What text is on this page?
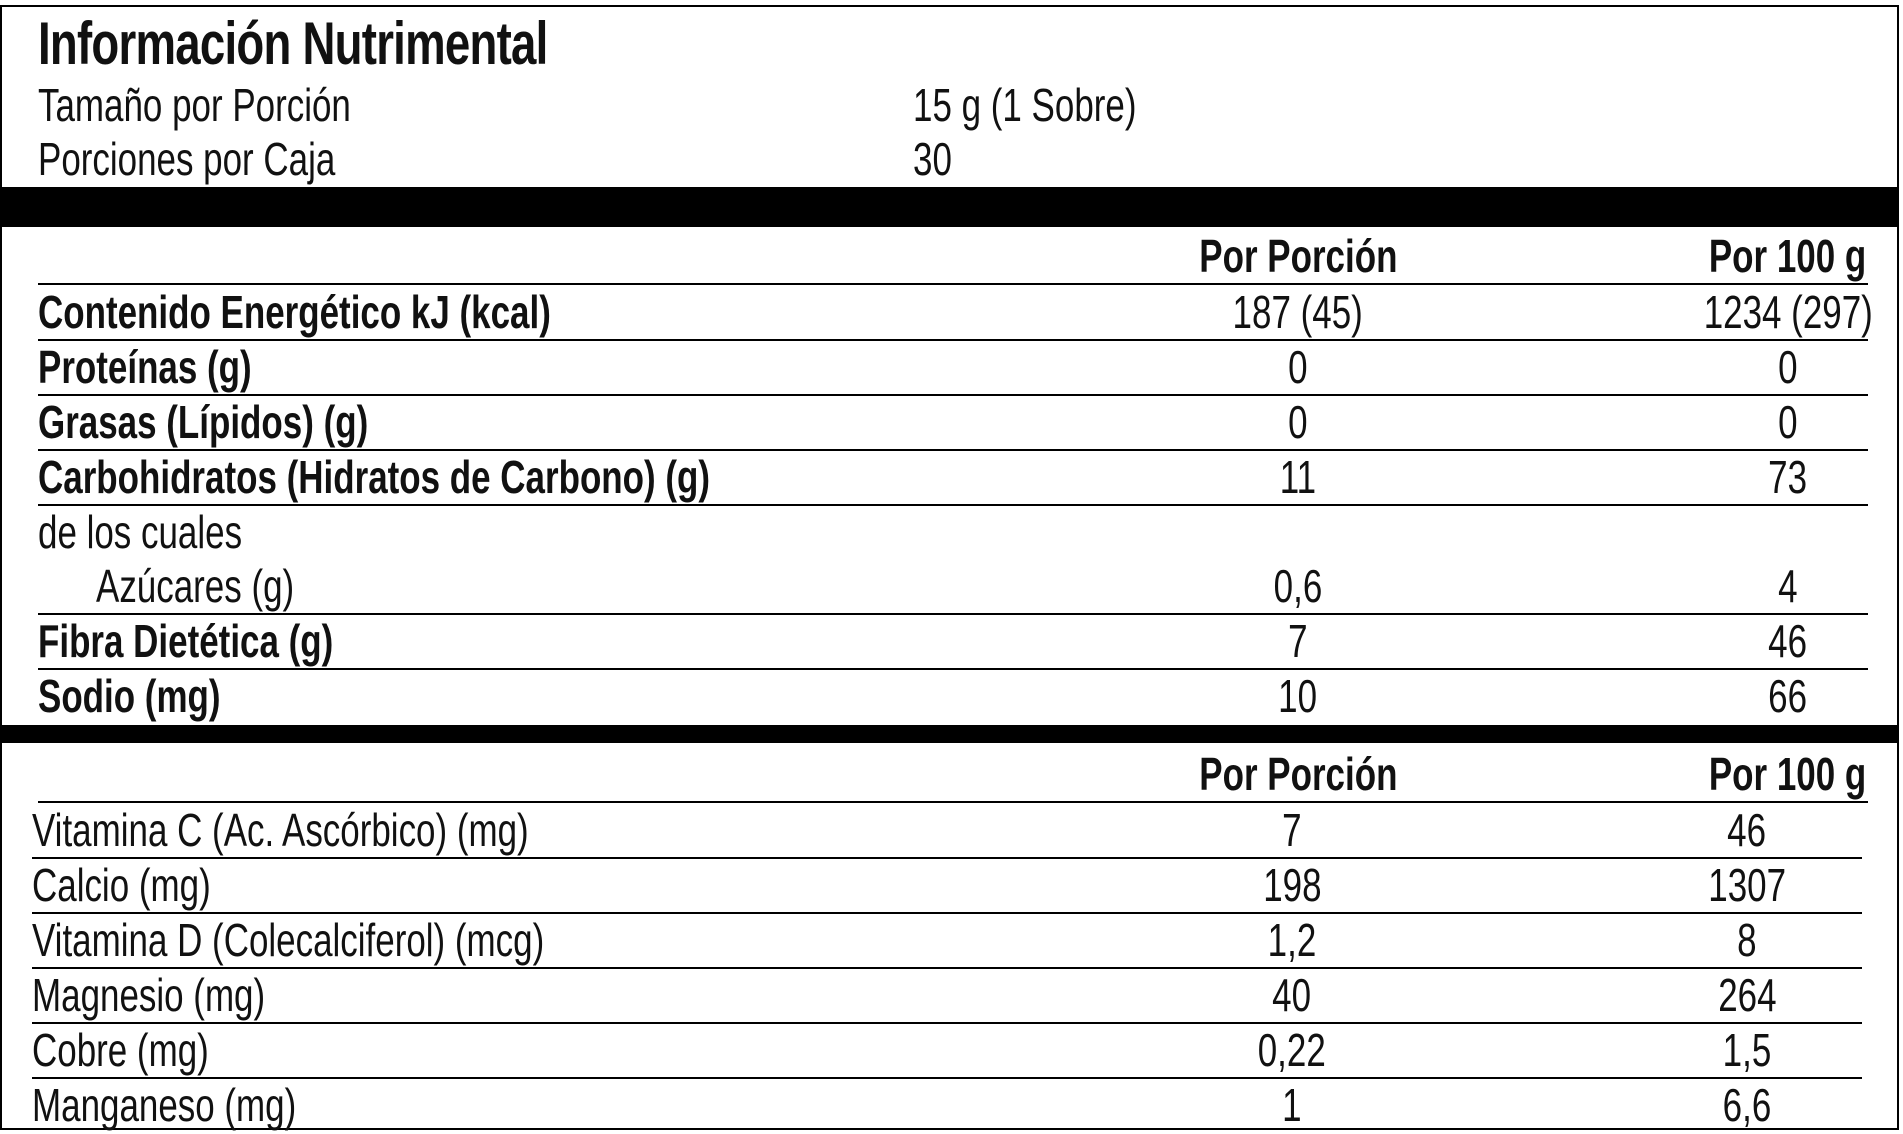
Información Nutrimental
Tamaño por Porción	15 g (1 Sobre)
Porciones por Caja	30
Por Porción	Por 100 g
Contenido Energético kJ (kcal)	187 (45)	1234 (297)
Proteínas (g)	0	0
Grasas (Lípidos) (g)	0	0
Carbohidratos (Hidratos de Carbono) (g)	11	73
de los cuales
Azúcares (g)	0,6	4
Fibra Dietética (g)	7	46
Sodio (mg)	10	66
Por Porción	Por 100 g
Vitamina C (Ac. Ascórbico) (mg)	7	46
Calcio (mg)	198	1307
Vitamina D (Colecalciferol) (mcg)	1,2	8
Magnesio (mg)	40	264
Cobre (mg)	0,22	1,5
Manganeso (mg)	1	6,6
